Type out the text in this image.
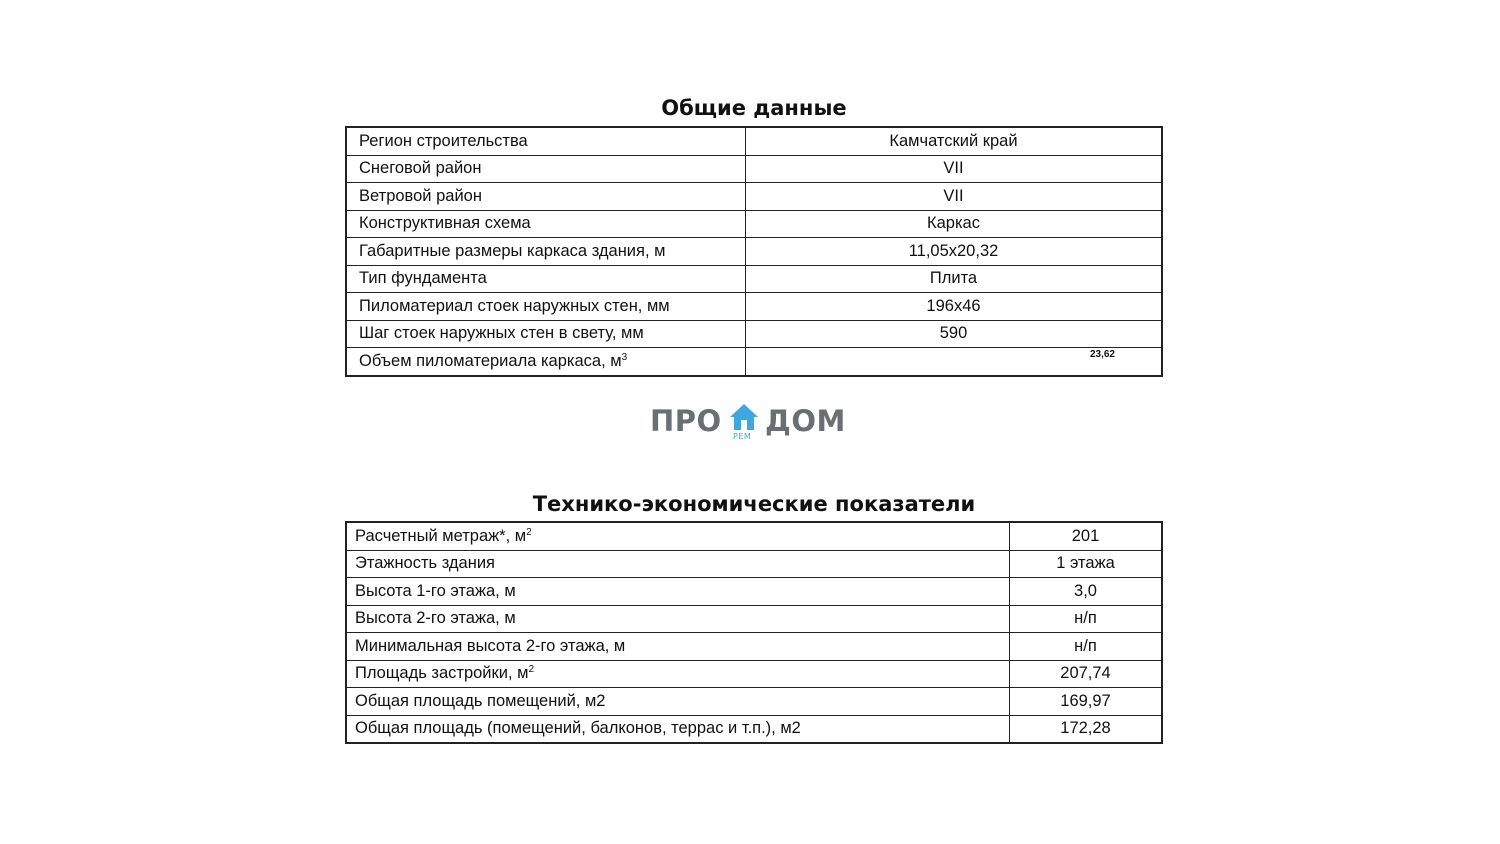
Общие данные
Регион строительства	Камчатский край
Снеговой район	VII
Ветровой район	VII
Конструктивная схема	Каркас
Габаритные размеры каркаса здания, м	11,05х20,32
Тип фундамента	Плита
Пиломатериал стоек наружных стен, мм	196х46
Шаг стоек наружных стен в свету, мм	590
Объем пиломатериала каркаса, $м^3$	23,62
ПРО РЕМ ДОМ
Технико-экономические показатели
Расчетный метраж*, $м^2$	201
Этажность здания	1 этажа
Высота 1-го этажа, м	3,0
Высота 2-го этажа, м	н/п
Минимальная высота 2-го этажа, м	н/п
Площадь застройки, $м^2$	207,74
Общая площадь помещений, м2	169,97
Общая площадь (помещений, балконов, террас и т.п.), м2	172,28
